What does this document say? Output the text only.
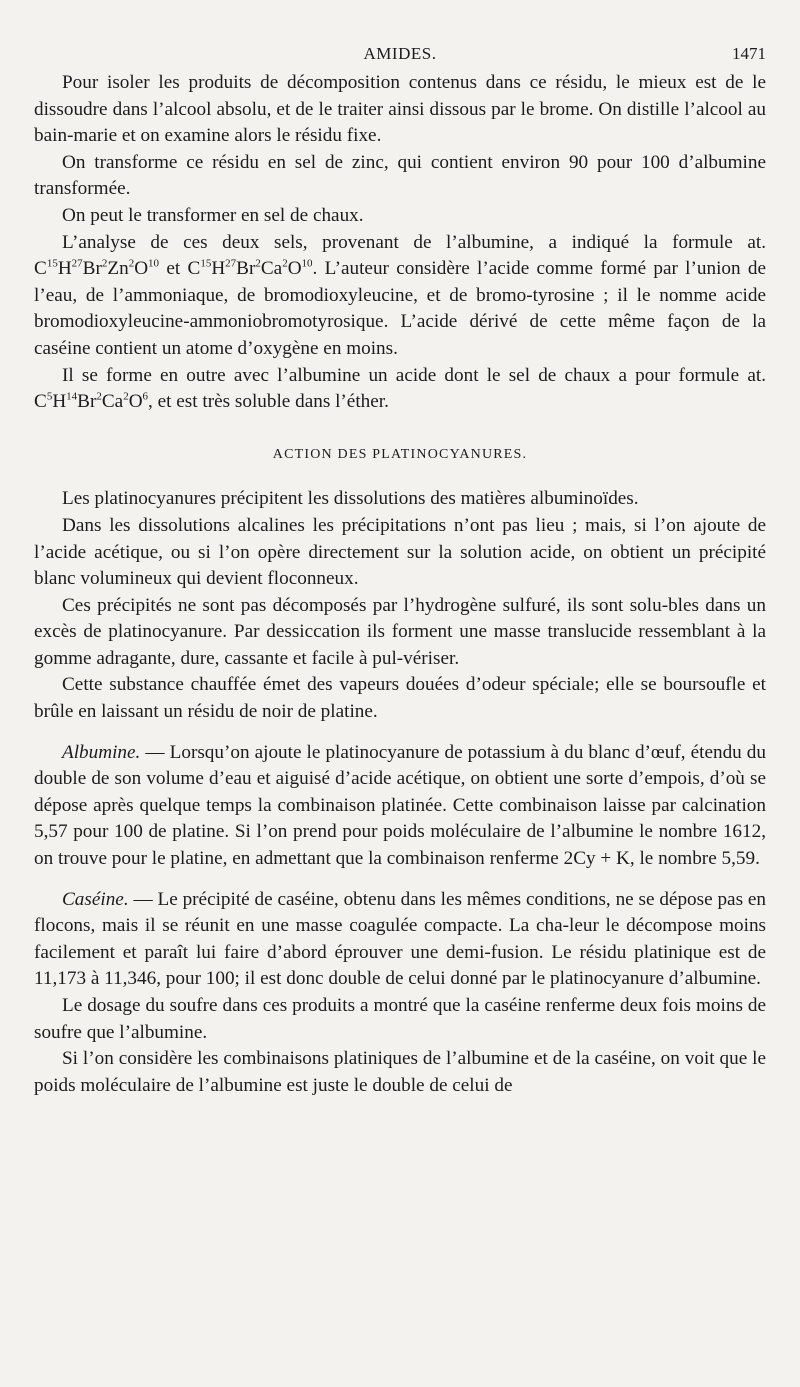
AMIDES.	1471

Pour isoler les produits de décomposition contenus dans ce résidu, le mieux est de le dissoudre dans l’alcool absolu, et de le traiter ainsi dissous par le brome. On distille l’alcool au bain-marie et on examine alors le résidu fixe.

On transforme ce résidu en sel de zinc, qui contient environ 90 pour 100 d’albumine transformée.

On peut le transformer en sel de chaux.

L’analyse de ces deux sels, provenant de l’albumine, a indiqué la formule at. $C^{15}H^{27}Br^2Zn^2O^{10}$ et $C^{15}H^{27}Br^2Ca^2O^{10}$. L’auteur considère l’acide comme formé par l’union de l’eau, de l’ammoniaque, de bromodioxyleucine, et de bromo-tyrosine ; il le nomme acide bromodioxyleucine-ammoniobromotyrosique. L’acide dérivé de cette même façon de la caséine contient un atome d’oxygène en moins.

Il se forme en outre avec l’albumine un acide dont le sel de chaux a pour formule at. $C^5H^{14}Br^2Ca^2O^6$, et est très soluble dans l’éther.

ACTION DES PLATINOCYANURES.

Les platinocyanures précipitent les dissolutions des matières albuminoïdes.

Dans les dissolutions alcalines les précipitations n’ont pas lieu ; mais, si l’on ajoute de l’acide acétique, ou si l’on opère directement sur la solution acide, on obtient un précipité blanc volumineux qui devient floconneux.

Ces précipités ne sont pas décomposés par l’hydrogène sulfuré, ils sont solu-bles dans un excès de platinocyanure. Par dessiccation ils forment une masse translucide ressemblant à la gomme adragante, dure, cassante et facile à pul-vériser.

Cette substance chauffée émet des vapeurs douées d’odeur spéciale; elle se boursoufle et brûle en laissant un résidu de noir de platine.

Albumine. — Lorsqu’on ajoute le platinocyanure de potassium à du blanc d’œuf, étendu du double de son volume d’eau et aiguisé d’acide acétique, on obtient une sorte d’empois, d’où se dépose après quelque temps la combinaison platinée. Cette combinaison laisse par calcination 5,57 pour 100 de platine. Si l’on prend pour poids moléculaire de l’albumine le nombre 1612, on trouve pour le platine, en admettant que la combinaison renferme 2Cy + K, le nombre 5,59.

Caséine. — Le précipité de caséine, obtenu dans les mêmes conditions, ne se dépose pas en flocons, mais il se réunit en une masse coagulée compacte. La cha-leur le décompose moins facilement et paraît lui faire d’abord éprouver une demi-fusion. Le résidu platinique est de 11,173 à 11,346, pour 100; il est donc double de celui donné par le platinocyanure d’albumine.

Le dosage du soufre dans ces produits a montré que la caséine renferme deux fois moins de soufre que l’albumine.

Si l’on considère les combinaisons platiniques de l’albumine et de la caséine, on voit que le poids moléculaire de l’albumine est juste le double de celui de
